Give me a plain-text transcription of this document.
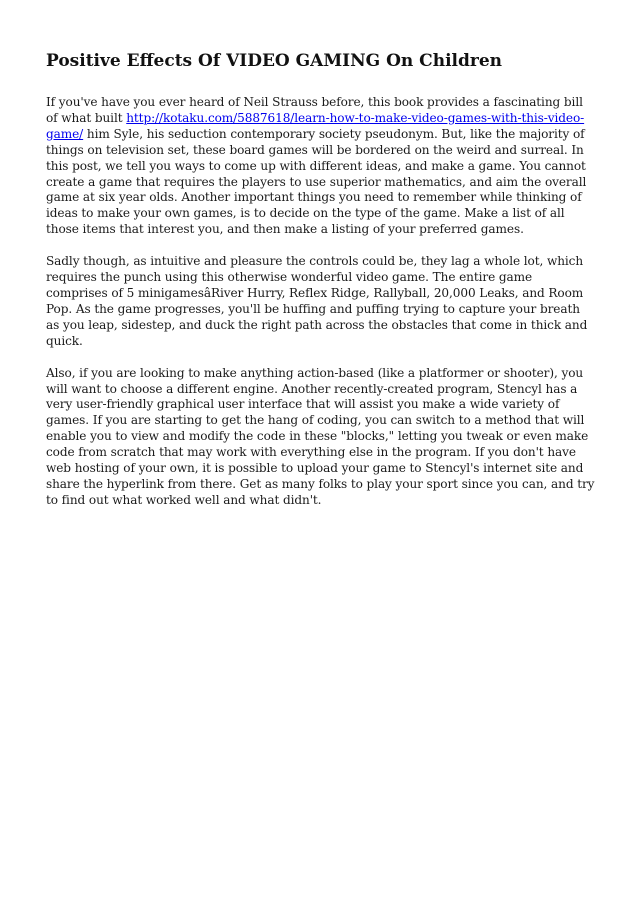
Positive Effects Of VIDEO GAMING On Children

If you've have you ever heard of Neil Strauss before, this book provides a fascinating bill of what built http://kotaku.com/5887618/learn-how-to-make-video-games-with-this-video-game/ him Syle, his seduction contemporary society pseudonym. But, like the majority of things on television set, these board games will be bordered on the weird and surreal. In this post, we tell you ways to come up with different ideas, and make a game. You cannot create a game that requires the players to use superior mathematics, and aim the overall game at six year olds. Another important things you need to remember while thinking of ideas to make your own games, is to decide on the type of the game. Make a list of all those items that interest you, and then make a listing of your preferred games.

Sadly though, as intuitive and pleasure the controls could be, they lag a whole lot, which requires the punch using this otherwise wonderful video game. The entire game comprises of 5 minigamesâRiver Hurry, Reflex Ridge, Rallyball, 20,000 Leaks, and Room Pop. As the game progresses, you'll be huffing and puffing trying to capture your breath as you leap, sidestep, and duck the right path across the obstacles that come in thick and quick.

Also, if you are looking to make anything action-based (like a platformer or shooter), you will want to choose a different engine. Another recently-created program, Stencyl has a very user-friendly graphical user interface that will assist you make a wide variety of games. If you are starting to get the hang of coding, you can switch to a method that will enable you to view and modify the code in these "blocks," letting you tweak or even make code from scratch that may work with everything else in the program. If you don't have web hosting of your own, it is possible to upload your game to Stencyl's internet site and share the hyperlink from there. Get as many folks to play your sport since you can, and try to find out what worked well and what didn't.
